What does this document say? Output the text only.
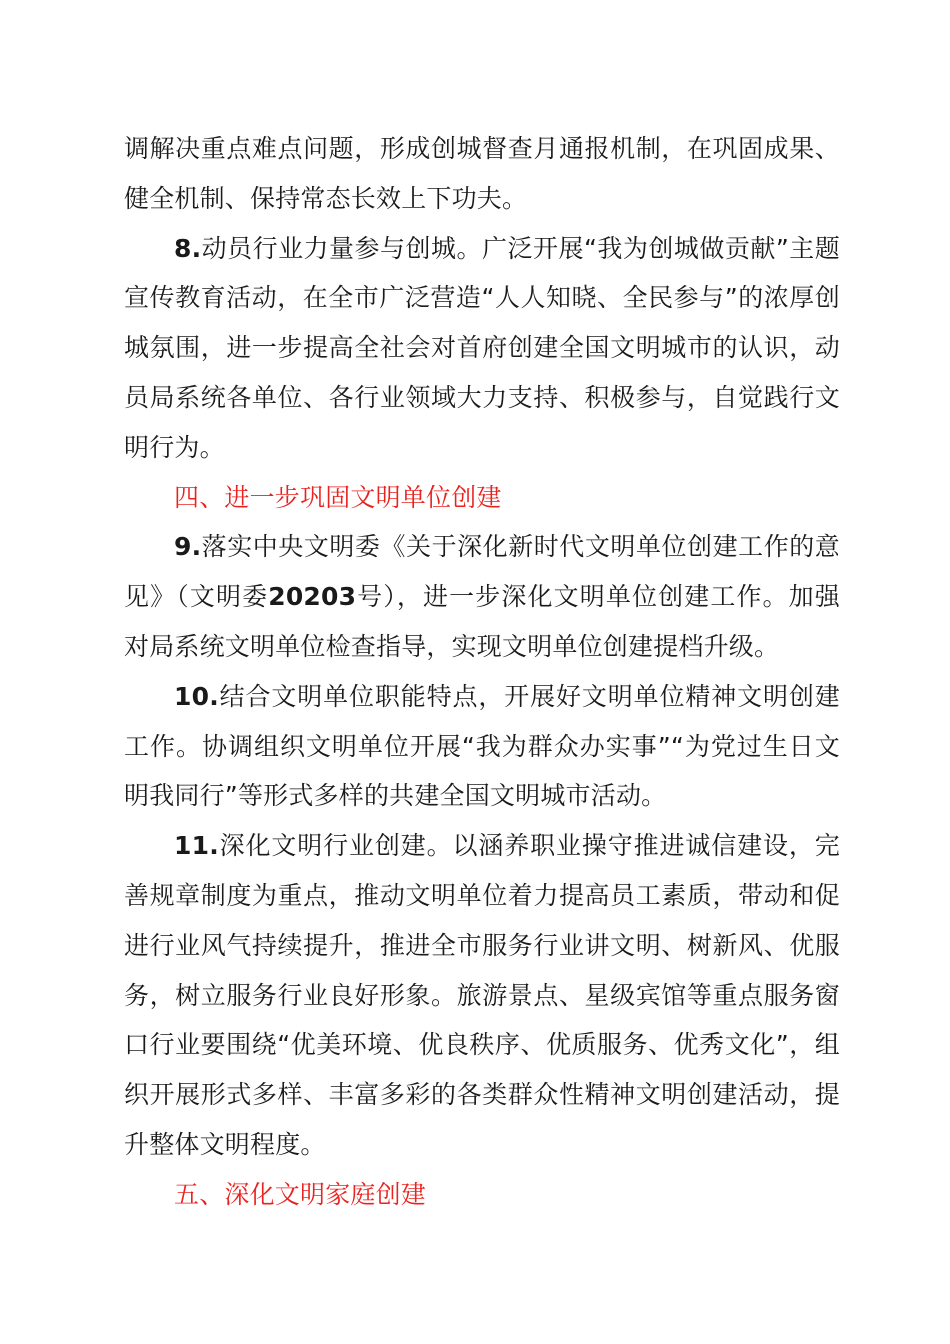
调解决重点难点问题，形成创城督查月通报机制，在巩固成果、健全机制、保持常态长效上下功夫。

8.动员行业力量参与创城。广泛开展“我为创城做贡献”主题宣传教育活动，在全市广泛营造“人人知晓、全民参与”的浓厚创城氛围，进一步提高全社会对首府创建全国文明城市的认识，动员局系统各单位、各行业领域大力支持、积极参与，自觉践行文明行为。

四、进一步巩固文明单位创建

9.落实中央文明委《关于深化新时代文明单位创建工作的意见》（文明委20203号），进一步深化文明单位创建工作。加强对局系统文明单位检查指导，实现文明单位创建提档升级。

10.结合文明单位职能特点，开展好文明单位精神文明创建工作。协调组织文明单位开展“我为群众办实事”“为党过生日文明我同行”等形式多样的共建全国文明城市活动。

11.深化文明行业创建。以涵养职业操守推进诚信建设，完善规章制度为重点，推动文明单位着力提高员工素质，带动和促进行业风气持续提升，推进全市服务行业讲文明、树新风、优服务，树立服务行业良好形象。旅游景点、星级宾馆等重点服务窗口行业要围绕“优美环境、优良秩序、优质服务、优秀文化”，组织开展形式多样、丰富多彩的各类群众性精神文明创建活动，提升整体文明程度。

五、深化文明家庭创建
